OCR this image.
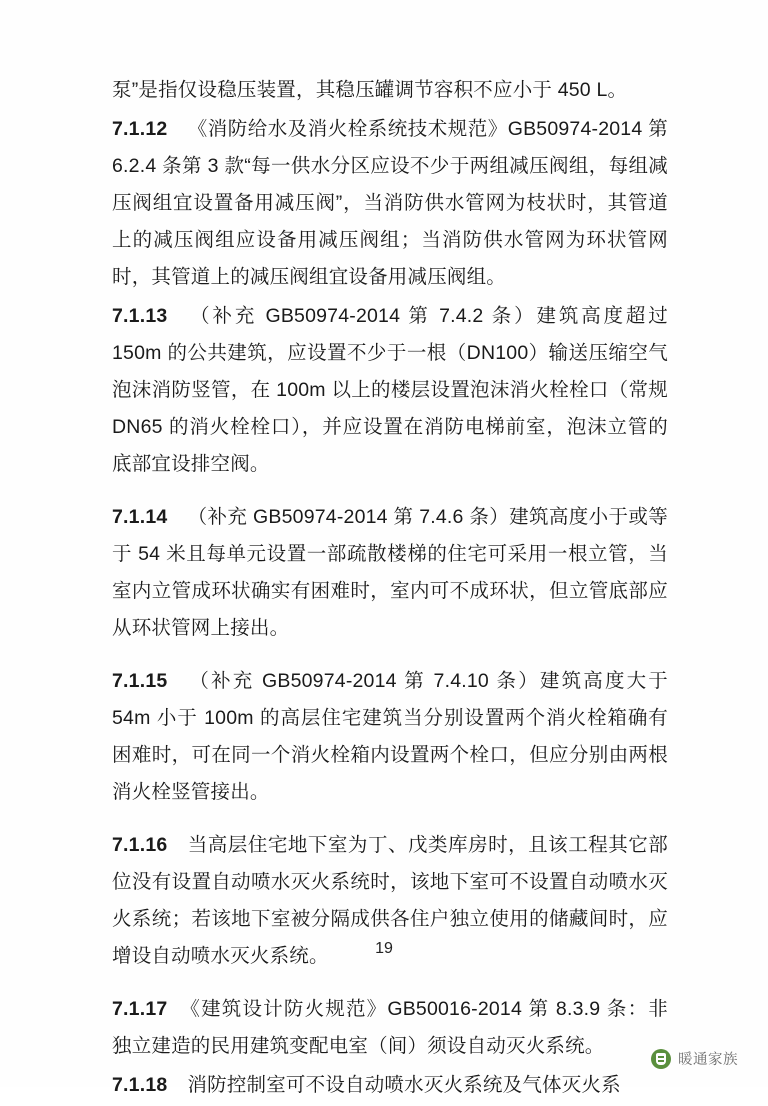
泵”是指仅设稳压装置，其稳压罐调节容积不应小于 450 L。

7.1.12 《消防给水及消火栓系统技术规范》GB50974-2014 第 6.2.4 条第 3 款“每一供水分区应设不少于两组减压阀组，每组减压阀组宜设置备用减压阀”，当消防供水管网为枝状时，其管道上的减压阀组应设备用减压阀组；当消防供水管网为环状管网时，其管道上的减压阀组宜设备用减压阀组。

7.1.13 （补充 GB50974-2014 第 7.4.2 条）建筑高度超过 150m 的公共建筑，应设置不少于一根（DN100）输送压缩空气泡沫消防竖管，在 100m 以上的楼层设置泡沫消火栓栓口（常规 DN65 的消火栓栓口），并应设置在消防电梯前室，泡沫立管的底部宜设排空阀。

7.1.14 （补充 GB50974-2014 第 7.4.6 条）建筑高度小于或等于 54 米且每单元设置一部疏散楼梯的住宅可采用一根立管，当室内立管成环状确实有困难时，室内可不成环状，但立管底部应从环状管网上接出。

7.1.15 （补充 GB50974-2014 第 7.4.10 条）建筑高度大于 54m 小于 100m 的高层住宅建筑当分别设置两个消火栓箱确有困难时，可在同一个消火栓箱内设置两个栓口，但应分别由两根消火栓竖管接出。

7.1.16 当高层住宅地下室为丁、戊类库房时，且该工程其它部位没有设置自动喷水灭火系统时，该地下室可不设置自动喷水灭火系统；若该地下室被分隔成供各住户独立使用的储藏间时，应增设自动喷水灭火系统。

7.1.17 《建筑设计防火规范》GB50016-2014 第 8.3.9 条：非独立建造的民用建筑变配电室（间）须设自动灭火系统。

7.1.18 消防控制室可不设自动喷水灭火系统及气体灭火系

19
暖通家族
